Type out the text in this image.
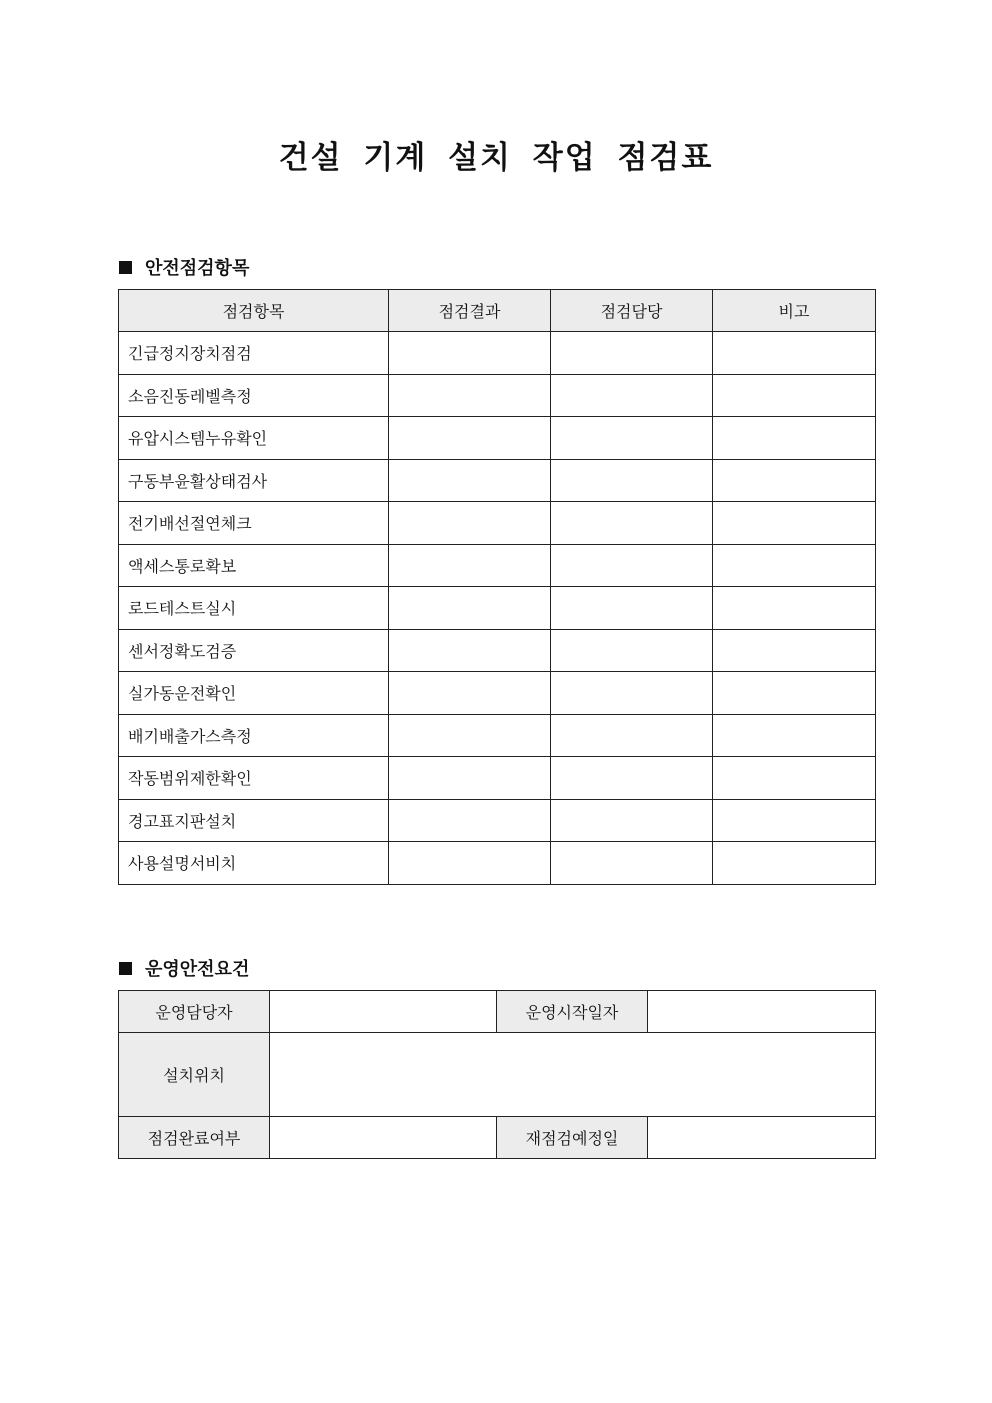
건설 기계 설치 작업 점검표
안전점검항목
점검항목	점검결과	점검담당	비고
긴급정지장치점검			
소음진동레벨측정			
유압시스템누유확인			
구동부윤활상태검사			
전기배선절연체크			
액세스통로확보			
로드테스트실시			
센서정확도검증			
실가동운전확인			
배기배출가스측정			
작동범위제한확인			
경고표지판설치			
사용설명서비치			
운영안전요건
운영담당자		운영시작일자	
설치위치			
점검완료여부		재점검예정일	
